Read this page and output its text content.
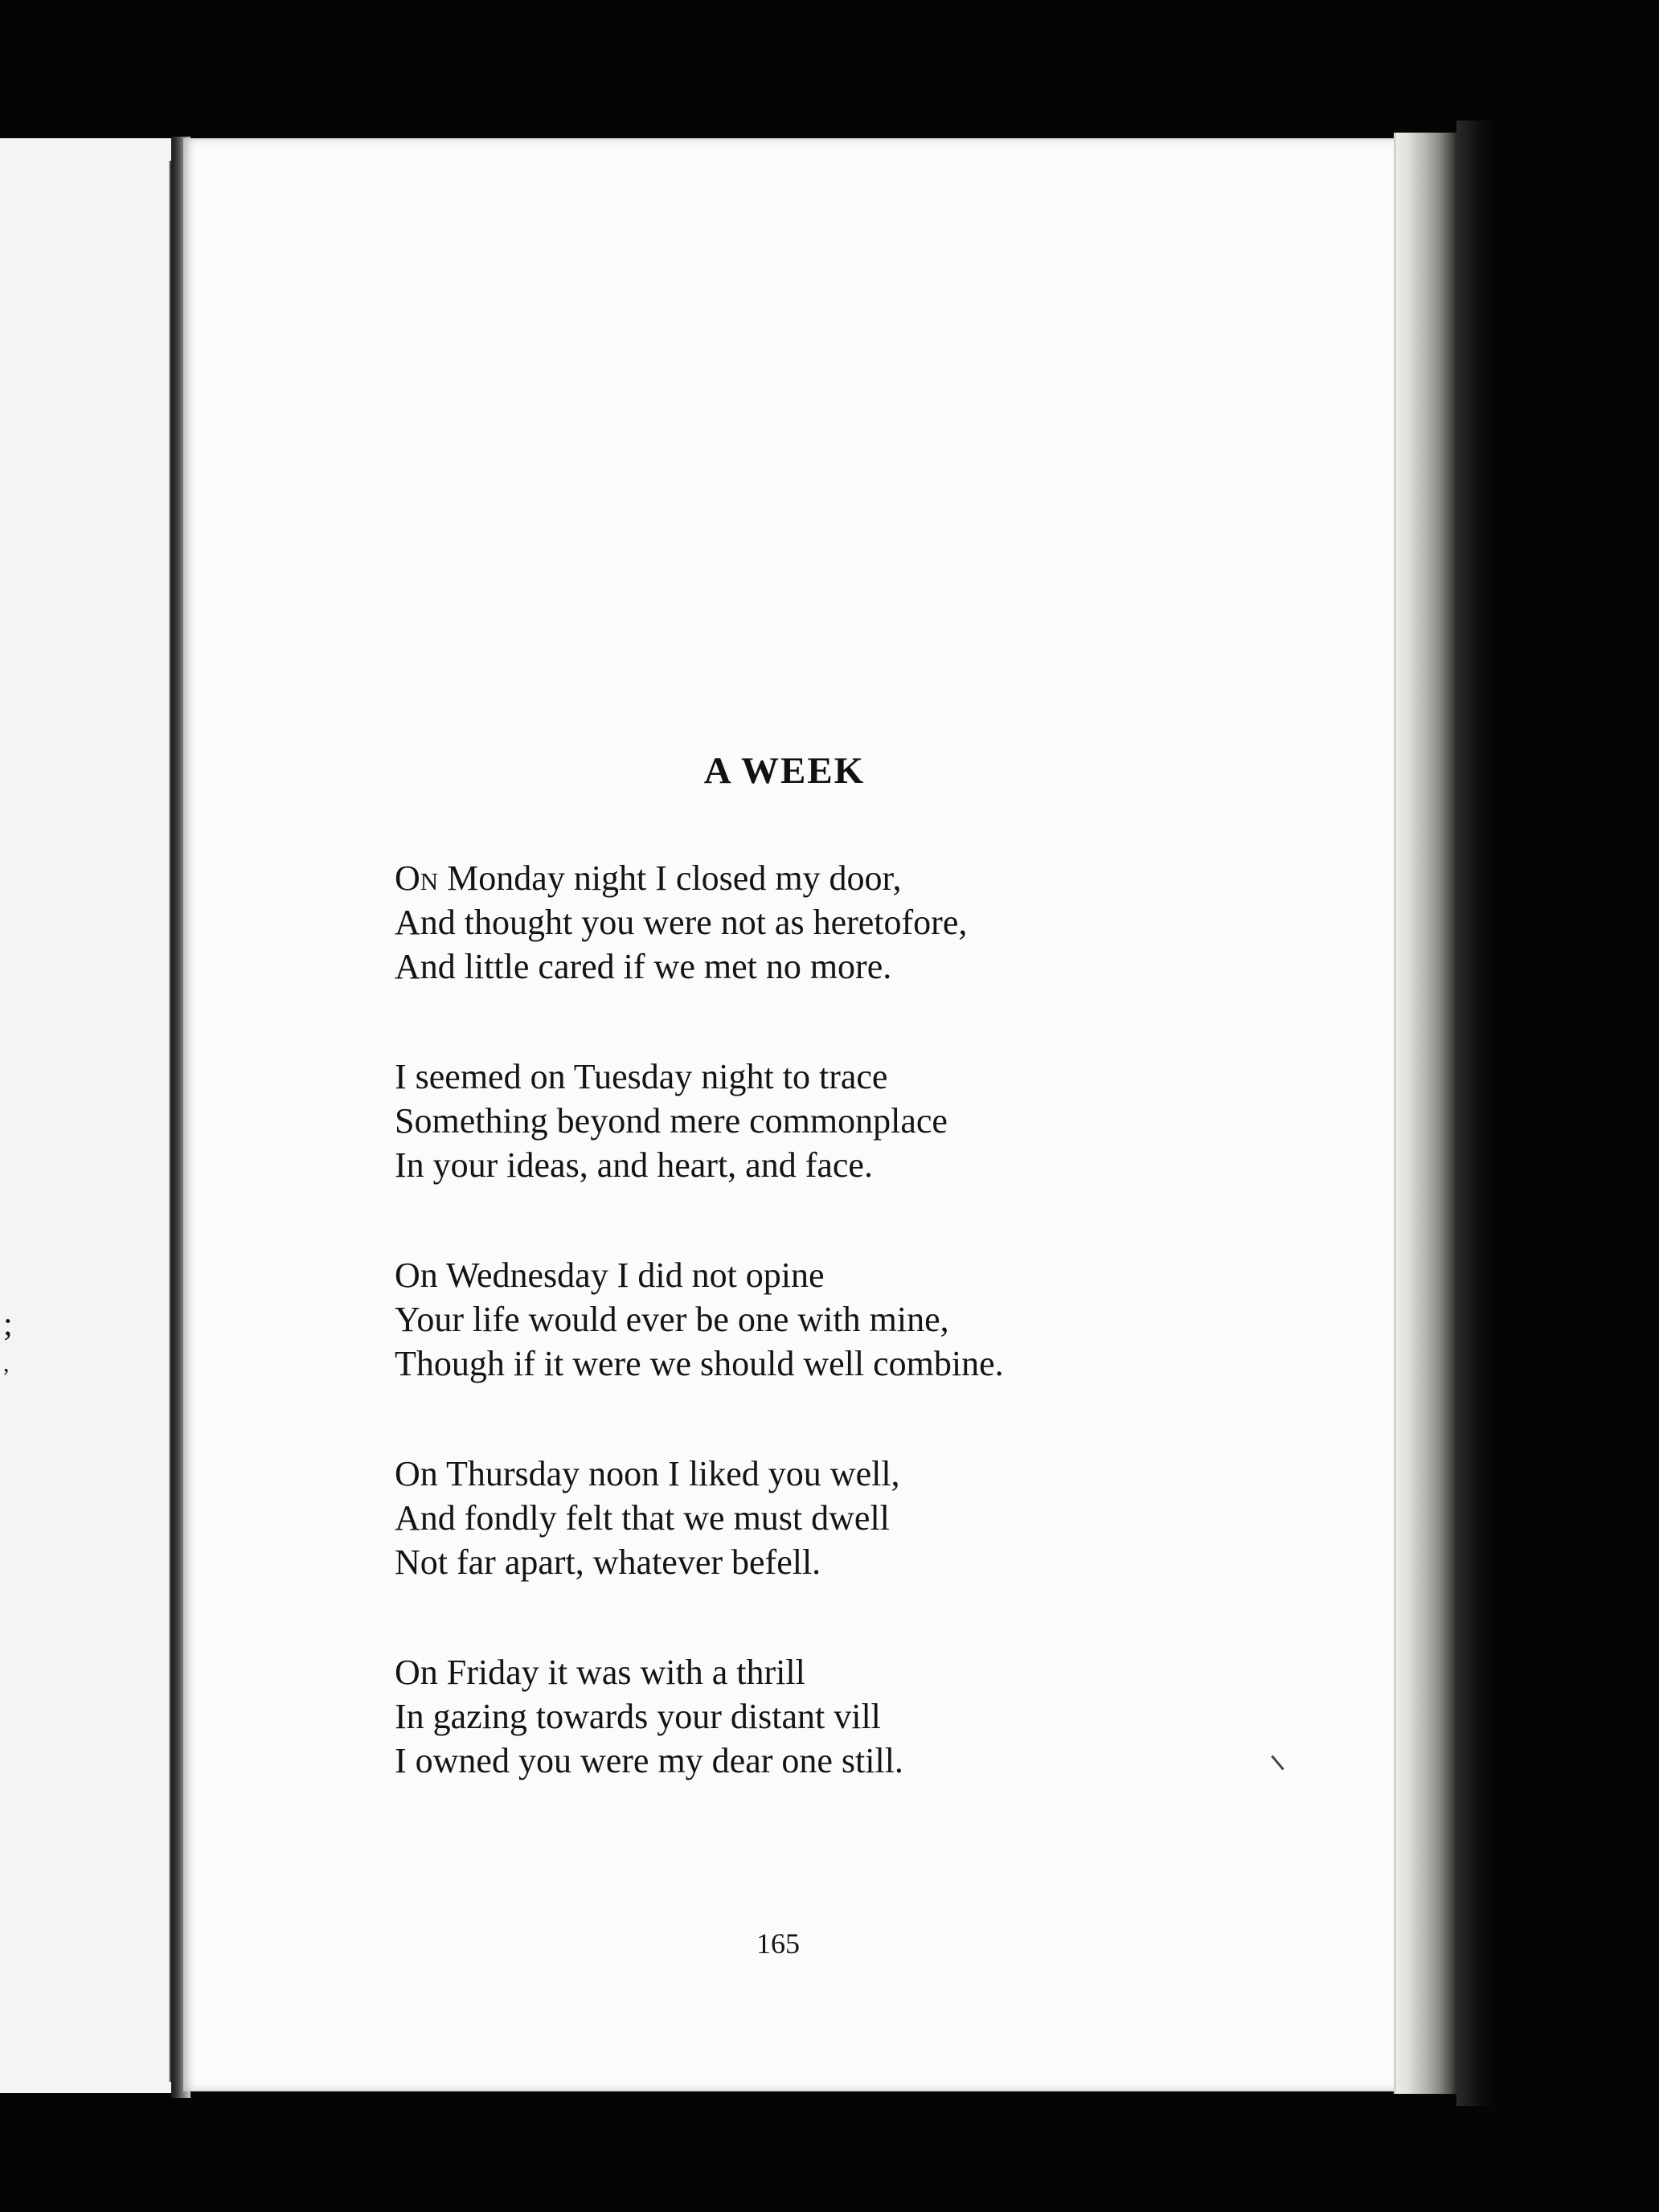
;
,
A WEEK
On Monday night I closed my door,
And thought you were not as heretofore,
And little cared if we met no more.
I seemed on Tuesday night to trace
Something beyond mere commonplace
In your ideas, and heart, and face.
On Wednesday I did not opine
Your life would ever be one with mine,
Though if it were we should well combine.
On Thursday noon I liked you well,
And fondly felt that we must dwell
Not far apart, whatever befell.
On Friday it was with a thrill
In gazing towards your distant vill
I owned you were my dear one still.
165
